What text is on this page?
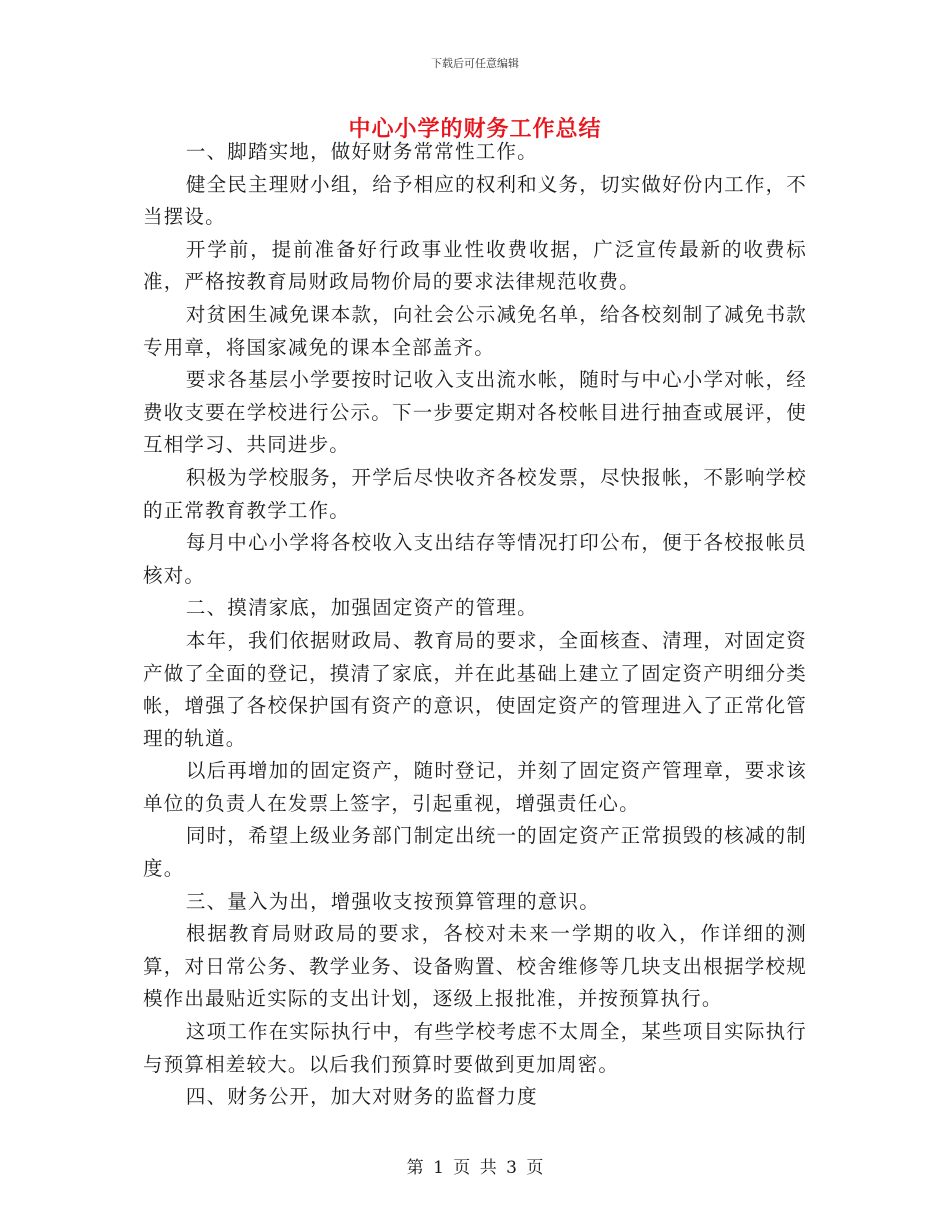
下载后可任意编辑
中心小学的财务工作总结

一、脚踏实地，做好财务常常性工作。

健全民主理财小组，给予相应的权利和义务，切实做好份内工作，不当摆设。

开学前，提前准备好行政事业性收费收据，广泛宣传最新的收费标准，严格按教育局财政局物价局的要求法律规范收费。

对贫困生减免课本款，向社会公示减免名单，给各校刻制了减免书款专用章，将国家减免的课本全部盖齐。

要求各基层小学要按时记收入支出流水帐，随时与中心小学对帐，经费收支要在学校进行公示。下一步要定期对各校帐目进行抽查或展评，使互相学习、共同进步。

积极为学校服务，开学后尽快收齐各校发票，尽快报帐，不影响学校的正常教育教学工作。

每月中心小学将各校收入支出结存等情况打印公布，便于各校报帐员核对。

二、摸清家底，加强固定资产的管理。

本年，我们依据财政局、教育局的要求，全面核查、清理，对固定资产做了全面的登记，摸清了家底，并在此基础上建立了固定资产明细分类帐，增强了各校保护国有资产的意识，使固定资产的管理进入了正常化管理的轨道。

以后再增加的固定资产，随时登记，并刻了固定资产管理章，要求该单位的负责人在发票上签字，引起重视，增强责任心。

同时，希望上级业务部门制定出统一的固定资产正常损毁的核减的制度。

三、量入为出，增强收支按预算管理的意识。

根据教育局财政局的要求，各校对未来一学期的收入，作详细的测算，对日常公务、教学业务、设备购置、校舍维修等几块支出根据学校规模作出最贴近实际的支出计划，逐级上报批准，并按预算执行。

这项工作在实际执行中，有些学校考虑不太周全，某些项目实际执行与预算相差较大。以后我们预算时要做到更加周密。

四、财务公开，加大对财务的监督力度

第 1 页 共 3 页
